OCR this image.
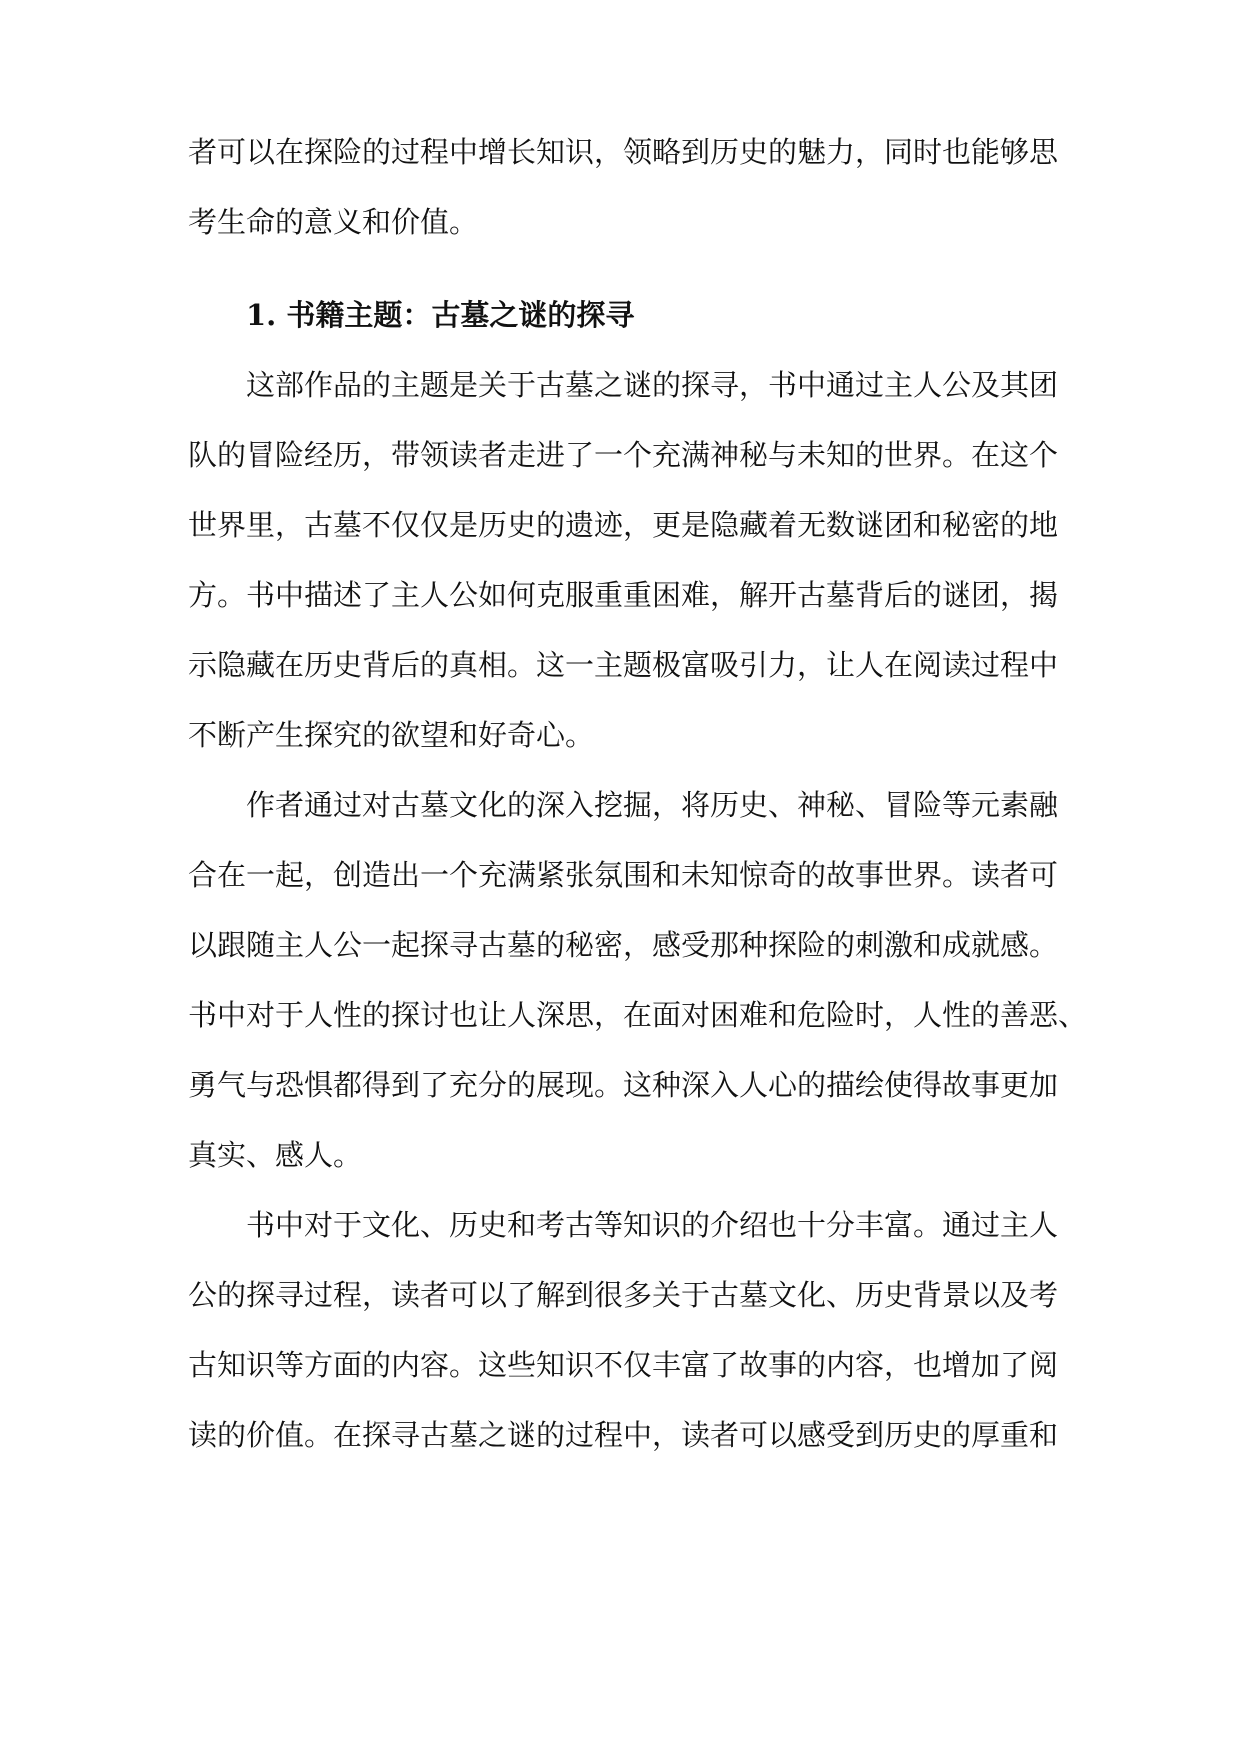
者可以在探险的过程中增长知识，领略到历史的魅力，同时也能够思
考生命的意义和价值。
1. 书籍主题：古墓之谜的探寻
这部作品的主题是关于古墓之谜的探寻，书中通过主人公及其团
队的冒险经历，带领读者走进了一个充满神秘与未知的世界。在这个
世界里，古墓不仅仅是历史的遗迹，更是隐藏着无数谜团和秘密的地
方。书中描述了主人公如何克服重重困难，解开古墓背后的谜团，揭
示隐藏在历史背后的真相。这一主题极富吸引力，让人在阅读过程中
不断产生探究的欲望和好奇心。
作者通过对古墓文化的深入挖掘，将历史、神秘、冒险等元素融
合在一起，创造出一个充满紧张氛围和未知惊奇的故事世界。读者可
以跟随主人公一起探寻古墓的秘密，感受那种探险的刺激和成就感。
书中对于人性的探讨也让人深思，在面对困难和危险时，人性的善恶、
勇气与恐惧都得到了充分的展现。这种深入人心的描绘使得故事更加
真实、感人。
书中对于文化、历史和考古等知识的介绍也十分丰富。通过主人
公的探寻过程，读者可以了解到很多关于古墓文化、历史背景以及考
古知识等方面的内容。这些知识不仅丰富了故事的内容，也增加了阅
读的价值。在探寻古墓之谜的过程中，读者可以感受到历史的厚重和
